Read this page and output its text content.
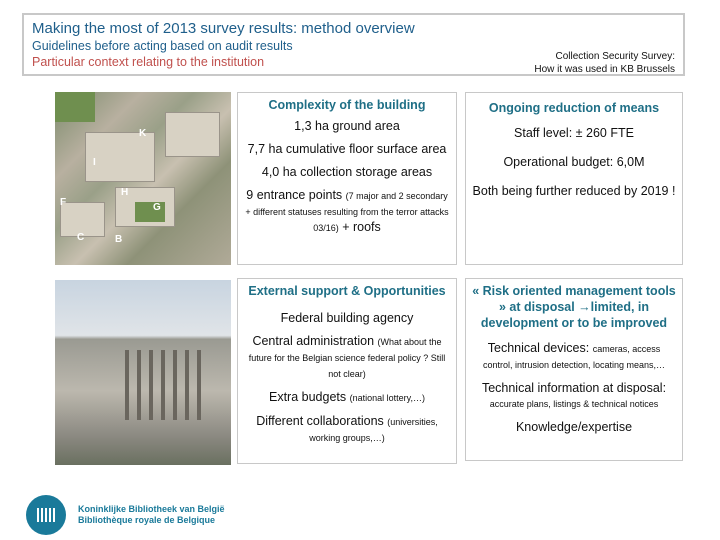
Making the most of 2013 survey results: method overview
Guidelines before acting based on audit results
Particular context relating to the institution	Collection Security Survey:
How it was used in KB Brussels
K
I
H
F	G
C	B
Complexity of the building
1,3 ha ground area
7,7 ha cumulative floor surface area
4,0 ha collection storage areas
9 entrance points (7 major and 2 secondary + different statuses resulting from the terror attacks 03/16) + roofs
Ongoing reduction of means
Staff level: ± 260 FTE
Operational budget: 6,0M
Both being further reduced by 2019 !
External support & Opportunities
Federal building agency
Central administration (What about the future for the Belgian science federal policy ? Still not clear)
Extra budgets (national lottery,…)
Different collaborations (universities, working groups,…)
« Risk oriented management tools » at disposal →limited, in development or to be improved
Technical devices: cameras, access control, intrusion detection, locating means,…
Technical information at disposal: accurate plans, listings & technical notices
Knowledge/expertise
Koninklijke Bibliotheek van België
Bibliothèque royale de Belgique
